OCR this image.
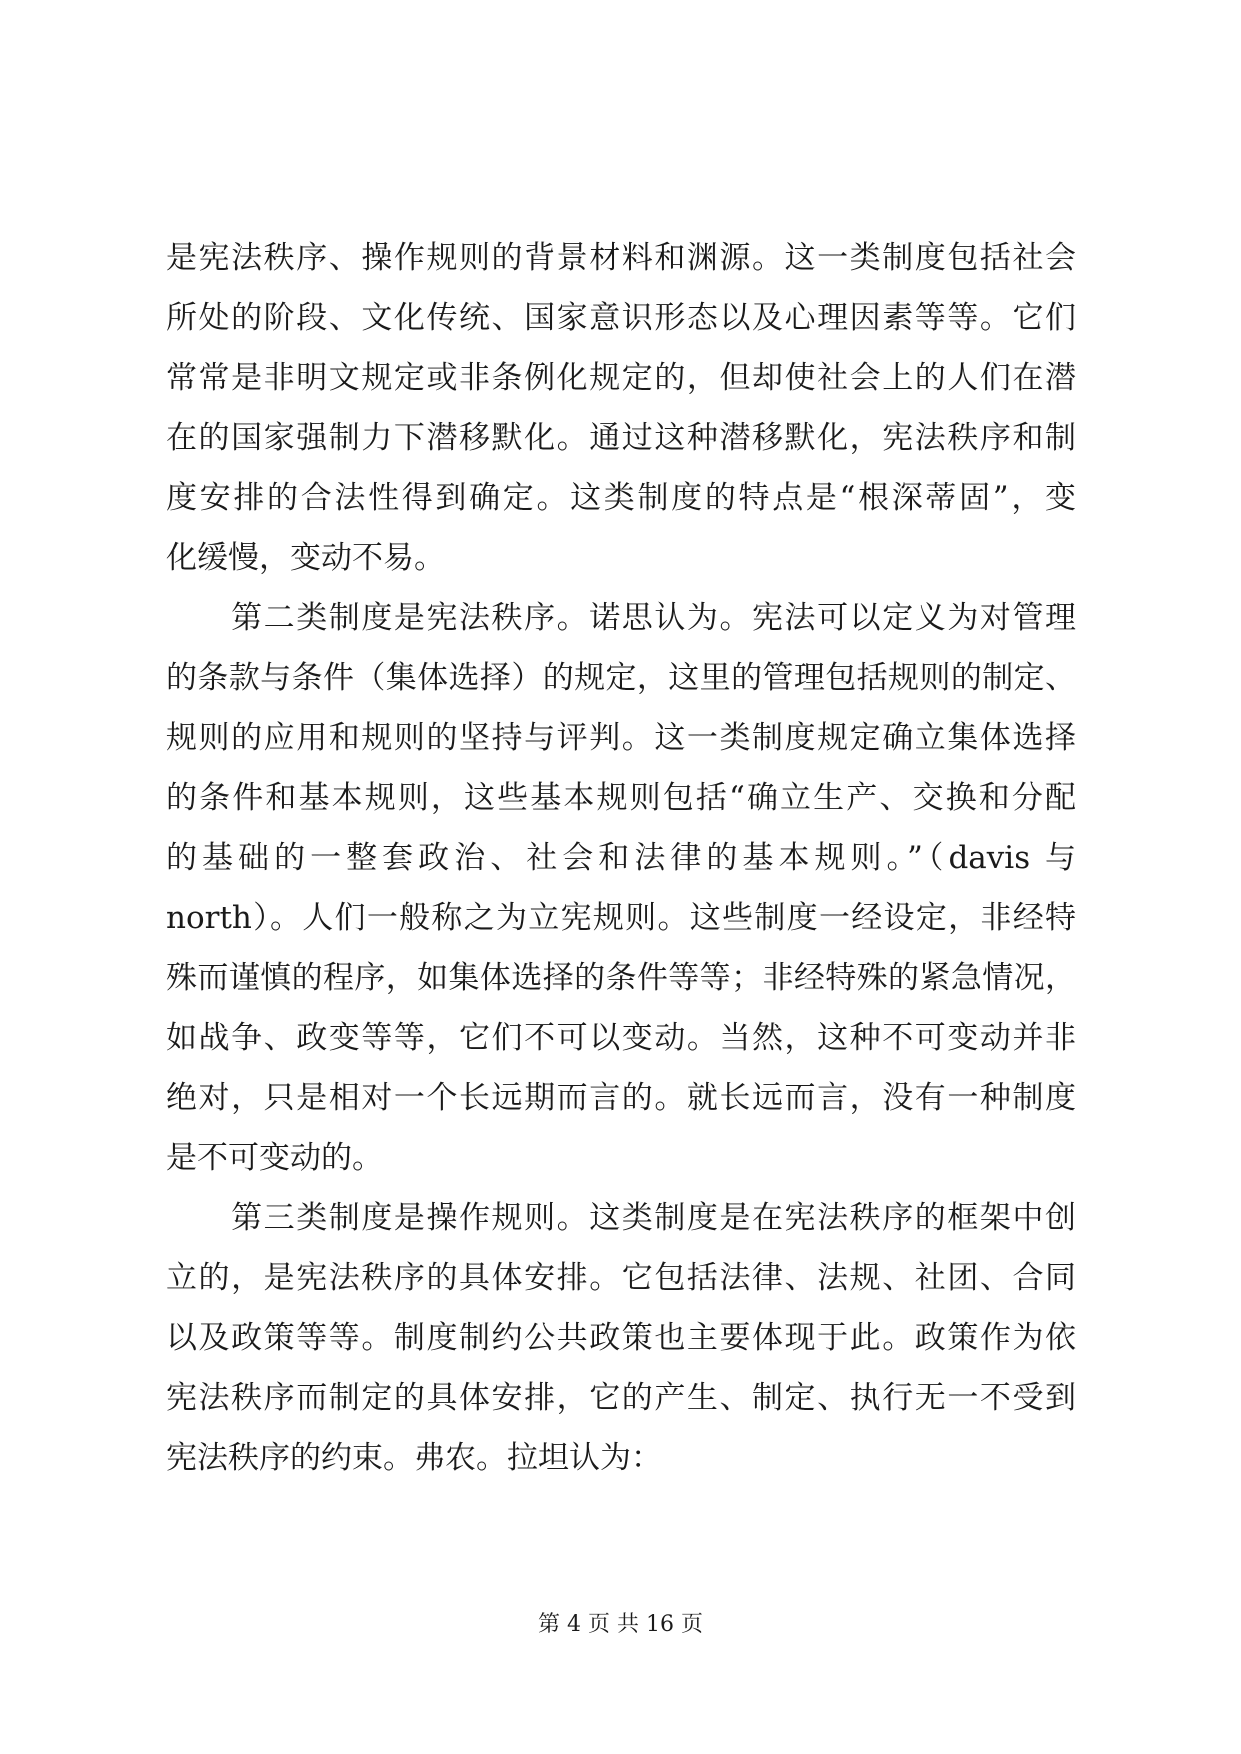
是宪法秩序、操作规则的背景材料和渊源。这一类制度包括社会
所处的阶段、文化传统、国家意识形态以及心理因素等等。它们
常常是非明文规定或非条例化规定的，但却使社会上的人们在潜
在的国家强制力下潜移默化。通过这种潜移默化，宪法秩序和制
度安排的合法性得到确定。这类制度的特点是“根深蒂固”，变
化缓慢，变动不易。
　　第二类制度是宪法秩序。诺思认为。宪法可以定义为对管理
的条款与条件（集体选择）的规定，这里的管理包括规则的制定、
规则的应用和规则的坚持与评判。这一类制度规定确立集体选择
的条件和基本规则，这些基本规则包括“确立生产、交换和分配
的基础的一整套政治、社会和法律的基本规则。”（davis 与
north）。人们一般称之为立宪规则。这些制度一经设定，非经特
殊而谨慎的程序，如集体选择的条件等等；非经特殊的紧急情况，
如战争、政变等等，它们不可以变动。当然，这种不可变动并非
绝对，只是相对一个长远期而言的。就长远而言，没有一种制度
是不可变动的。
　　第三类制度是操作规则。这类制度是在宪法秩序的框架中创
立的，是宪法秩序的具体安排。它包括法律、法规、社团、合同
以及政策等等。制度制约公共政策也主要体现于此。政策作为依
宪法秩序而制定的具体安排，它的产生、制定、执行无一不受到
宪法秩序的约束。弗农。拉坦认为：
第 4 页 共 16 页
